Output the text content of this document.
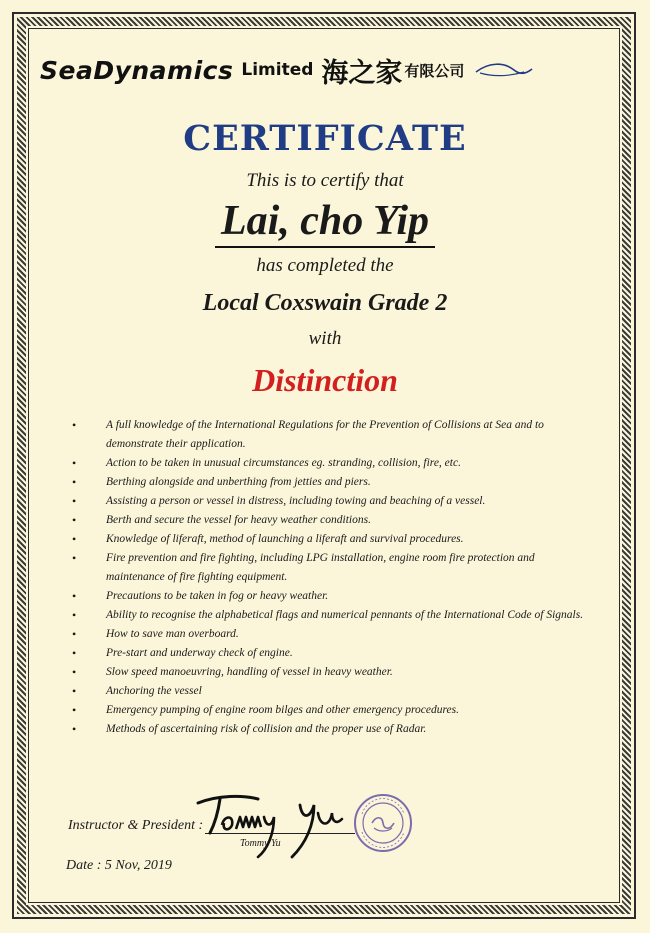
SeaDynamics Limited 海之家 有限公司
CERTIFICATE
This is to certify that
Lai, cho Yip
has completed the
Local Coxswain Grade 2
with
Distinction
• A full knowledge of the International Regulations for the Prevention of Collisions at Sea and to demonstrate their application.
• Action to be taken in unusual circumstances eg. stranding, collision, fire, etc.
• Berthing alongside and unberthing from jetties and piers.
• Assisting a person or vessel in distress, including towing and beaching of a vessel.
• Berth and secure the vessel for heavy weather conditions.
• Knowledge of liferaft, method of launching a liferaft and survival procedures.
• Fire prevention and fire fighting, including LPG installation, engine room fire protection and maintenance of fire fighting equipment.
• Precautions to be taken in fog or heavy weather.
• Ability to recognise the alphabetical flags and numerical pennants of the International Code of Signals.
• How to save man overboard.
• Pre-start and underway check of engine.
• Slow speed manoeuvring, handling of vessel in heavy weather.
• Anchoring the vessel
• Emergency pumping of engine room bilges and other emergency procedures.
• Methods of ascertaining risk of collision and the proper use of Radar.
Instructor & President :
Tommy Yu
Date : 5 Nov, 2019
